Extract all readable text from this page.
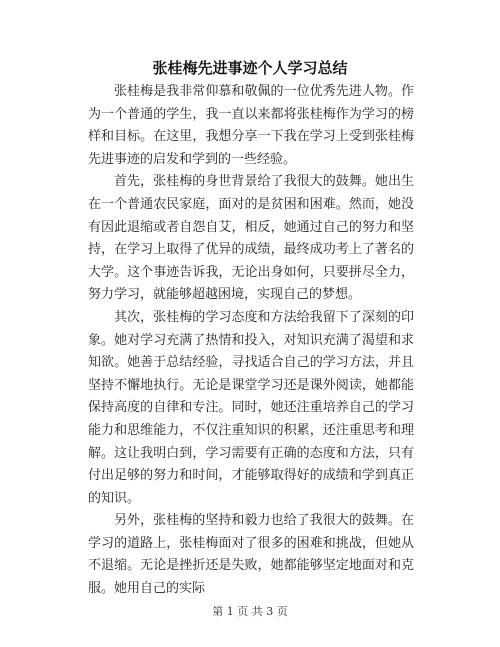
张桂梅先进事迹个人学习总结

张桂梅是我非常仰慕和敬佩的一位优秀先进人物。作为一个普通的学生，我一直以来都将张桂梅作为学习的榜样和目标。在这里，我想分享一下我在学习上受到张桂梅先进事迹的启发和学到的一些经验。

首先，张桂梅的身世背景给了我很大的鼓舞。她出生在一个普通农民家庭，面对的是贫困和困难。然而，她没有因此退缩或者自怨自艾，相反，她通过自己的努力和坚持，在学习上取得了优异的成绩，最终成功考上了著名的大学。这个事迹告诉我，无论出身如何，只要拼尽全力，努力学习，就能够超越困境，实现自己的梦想。

其次，张桂梅的学习态度和方法给我留下了深刻的印象。她对学习充满了热情和投入，对知识充满了渴望和求知欲。她善于总结经验，寻找适合自己的学习方法，并且坚持不懈地执行。无论是课堂学习还是课外阅读，她都能保持高度的自律和专注。同时，她还注重培养自己的学习能力和思维能力，不仅注重知识的积累，还注重思考和理解。这让我明白到，学习需要有正确的态度和方法，只有付出足够的努力和时间，才能够取得好的成绩和学到真正的知识。

另外，张桂梅的坚持和毅力也给了我很大的鼓舞。在学习的道路上，张桂梅面对了很多的困难和挑战，但她从不退缩。无论是挫折还是失败，她都能够坚定地面对和克服。她用自己的实际

第 1 页 共 3 页
